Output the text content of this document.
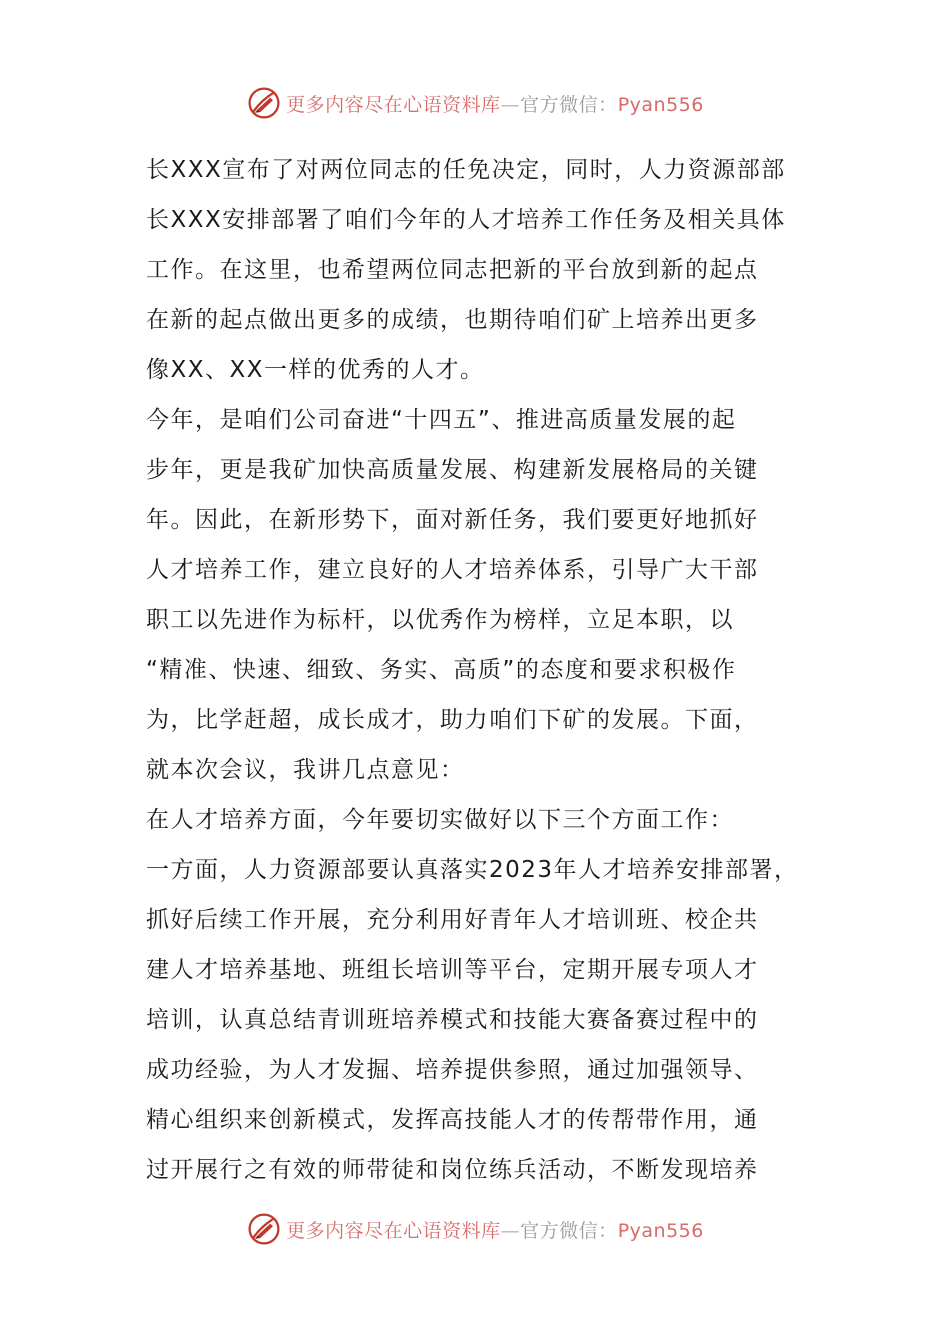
更多内容尽在心语资料库—官方微信：Pyan556
长XXX宣布了对两位同志的任免决定，同时，人力资源部部
长XXX安排部署了咱们今年的人才培养工作任务及相关具体
工作。在这里，也希望两位同志把新的平台放到新的起点
在新的起点做出更多的成绩，也期待咱们矿上培养出更多
像XX、XX一样的优秀的人才。
今年，是咱们公司奋进“十四五”、推进高质量发展的起
步年，更是我矿加快高质量发展、构建新发展格局的关键
年。因此，在新形势下，面对新任务，我们要更好地抓好
人才培养工作，建立良好的人才培养体系，引导广大干部
职工以先进作为标杆，以优秀作为榜样，立足本职，以
“精准、快速、细致、务实、高质”的态度和要求积极作
为，比学赶超，成长成才，助力咱们下矿的发展。下面，
就本次会议，我讲几点意见：
在人才培养方面，今年要切实做好以下三个方面工作：
一方面，人力资源部要认真落实2023年人才培养安排部署，
抓好后续工作开展，充分利用好青年人才培训班、校企共
建人才培养基地、班组长培训等平台，定期开展专项人才
培训，认真总结青训班培养模式和技能大赛备赛过程中的
成功经验，为人才发掘、培养提供参照，通过加强领导、
精心组织来创新模式，发挥高技能人才的传帮带作用，通
过开展行之有效的师带徒和岗位练兵活动，不断发现培养
更多内容尽在心语资料库—官方微信：Pyan556
